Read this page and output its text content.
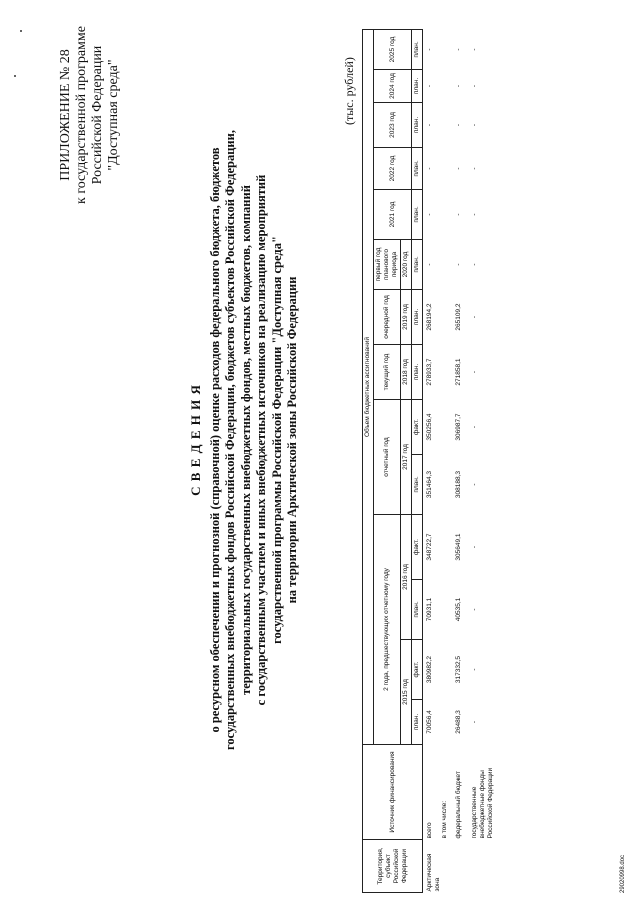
ПРИЛОЖЕНИЕ № 28 к государственной программе Российской Федерации "Доступная среда"
С В Е Д Е Н И Я о ресурсном обеспечении и прогнозной (справочной) оценке расходов федерального бюджета, бюджетов государственных внебюджетных фондов Российской Федерации, бюджетов субъектов Российской Федерации, территориальных государственных внебюджетных фондов, местных бюджетов, компаний с государственным участием и иных внебюджетных источников на реализацию мероприятий государственной программы Российской Федерации "Доступная среда" на территории Арктической зоны Российской Федерации
(тыс. рублей)
Территория, субъект Российской Федерации	Источник финансирования	Объем бюджетных ассигнований													
		2 года, предшествующих отчетному году				отчетный год		текущий год	очередной год	первый год планового периода	2021 год	2022 год	2023 год	2024 год	2025 год
		2015 год		2016 год		2017 год		2018 год	2019 год	2020 год					
		план.	факт.	план.	факт.	план.	факт.	план.	план.	план.	план.	план.	план.	план.	план.
Арктическая зона	всего	70056,4	380982,2	70931,1	348722,7	351464,3	350256,4	278933,7	268194,2	-	-	-	-	-	-
	в том числе:														
	федеральный бюджет	26488,3	317332,5	40535,1	305649,1	308188,3	306987,7	271858,1	265109,2	-	-	-	-	-	-
	государственные внебюджетные фонды Российской Федерации	-	-	-	-	-	-	-	-	-	-	-	-	-	-
29020998.doc
